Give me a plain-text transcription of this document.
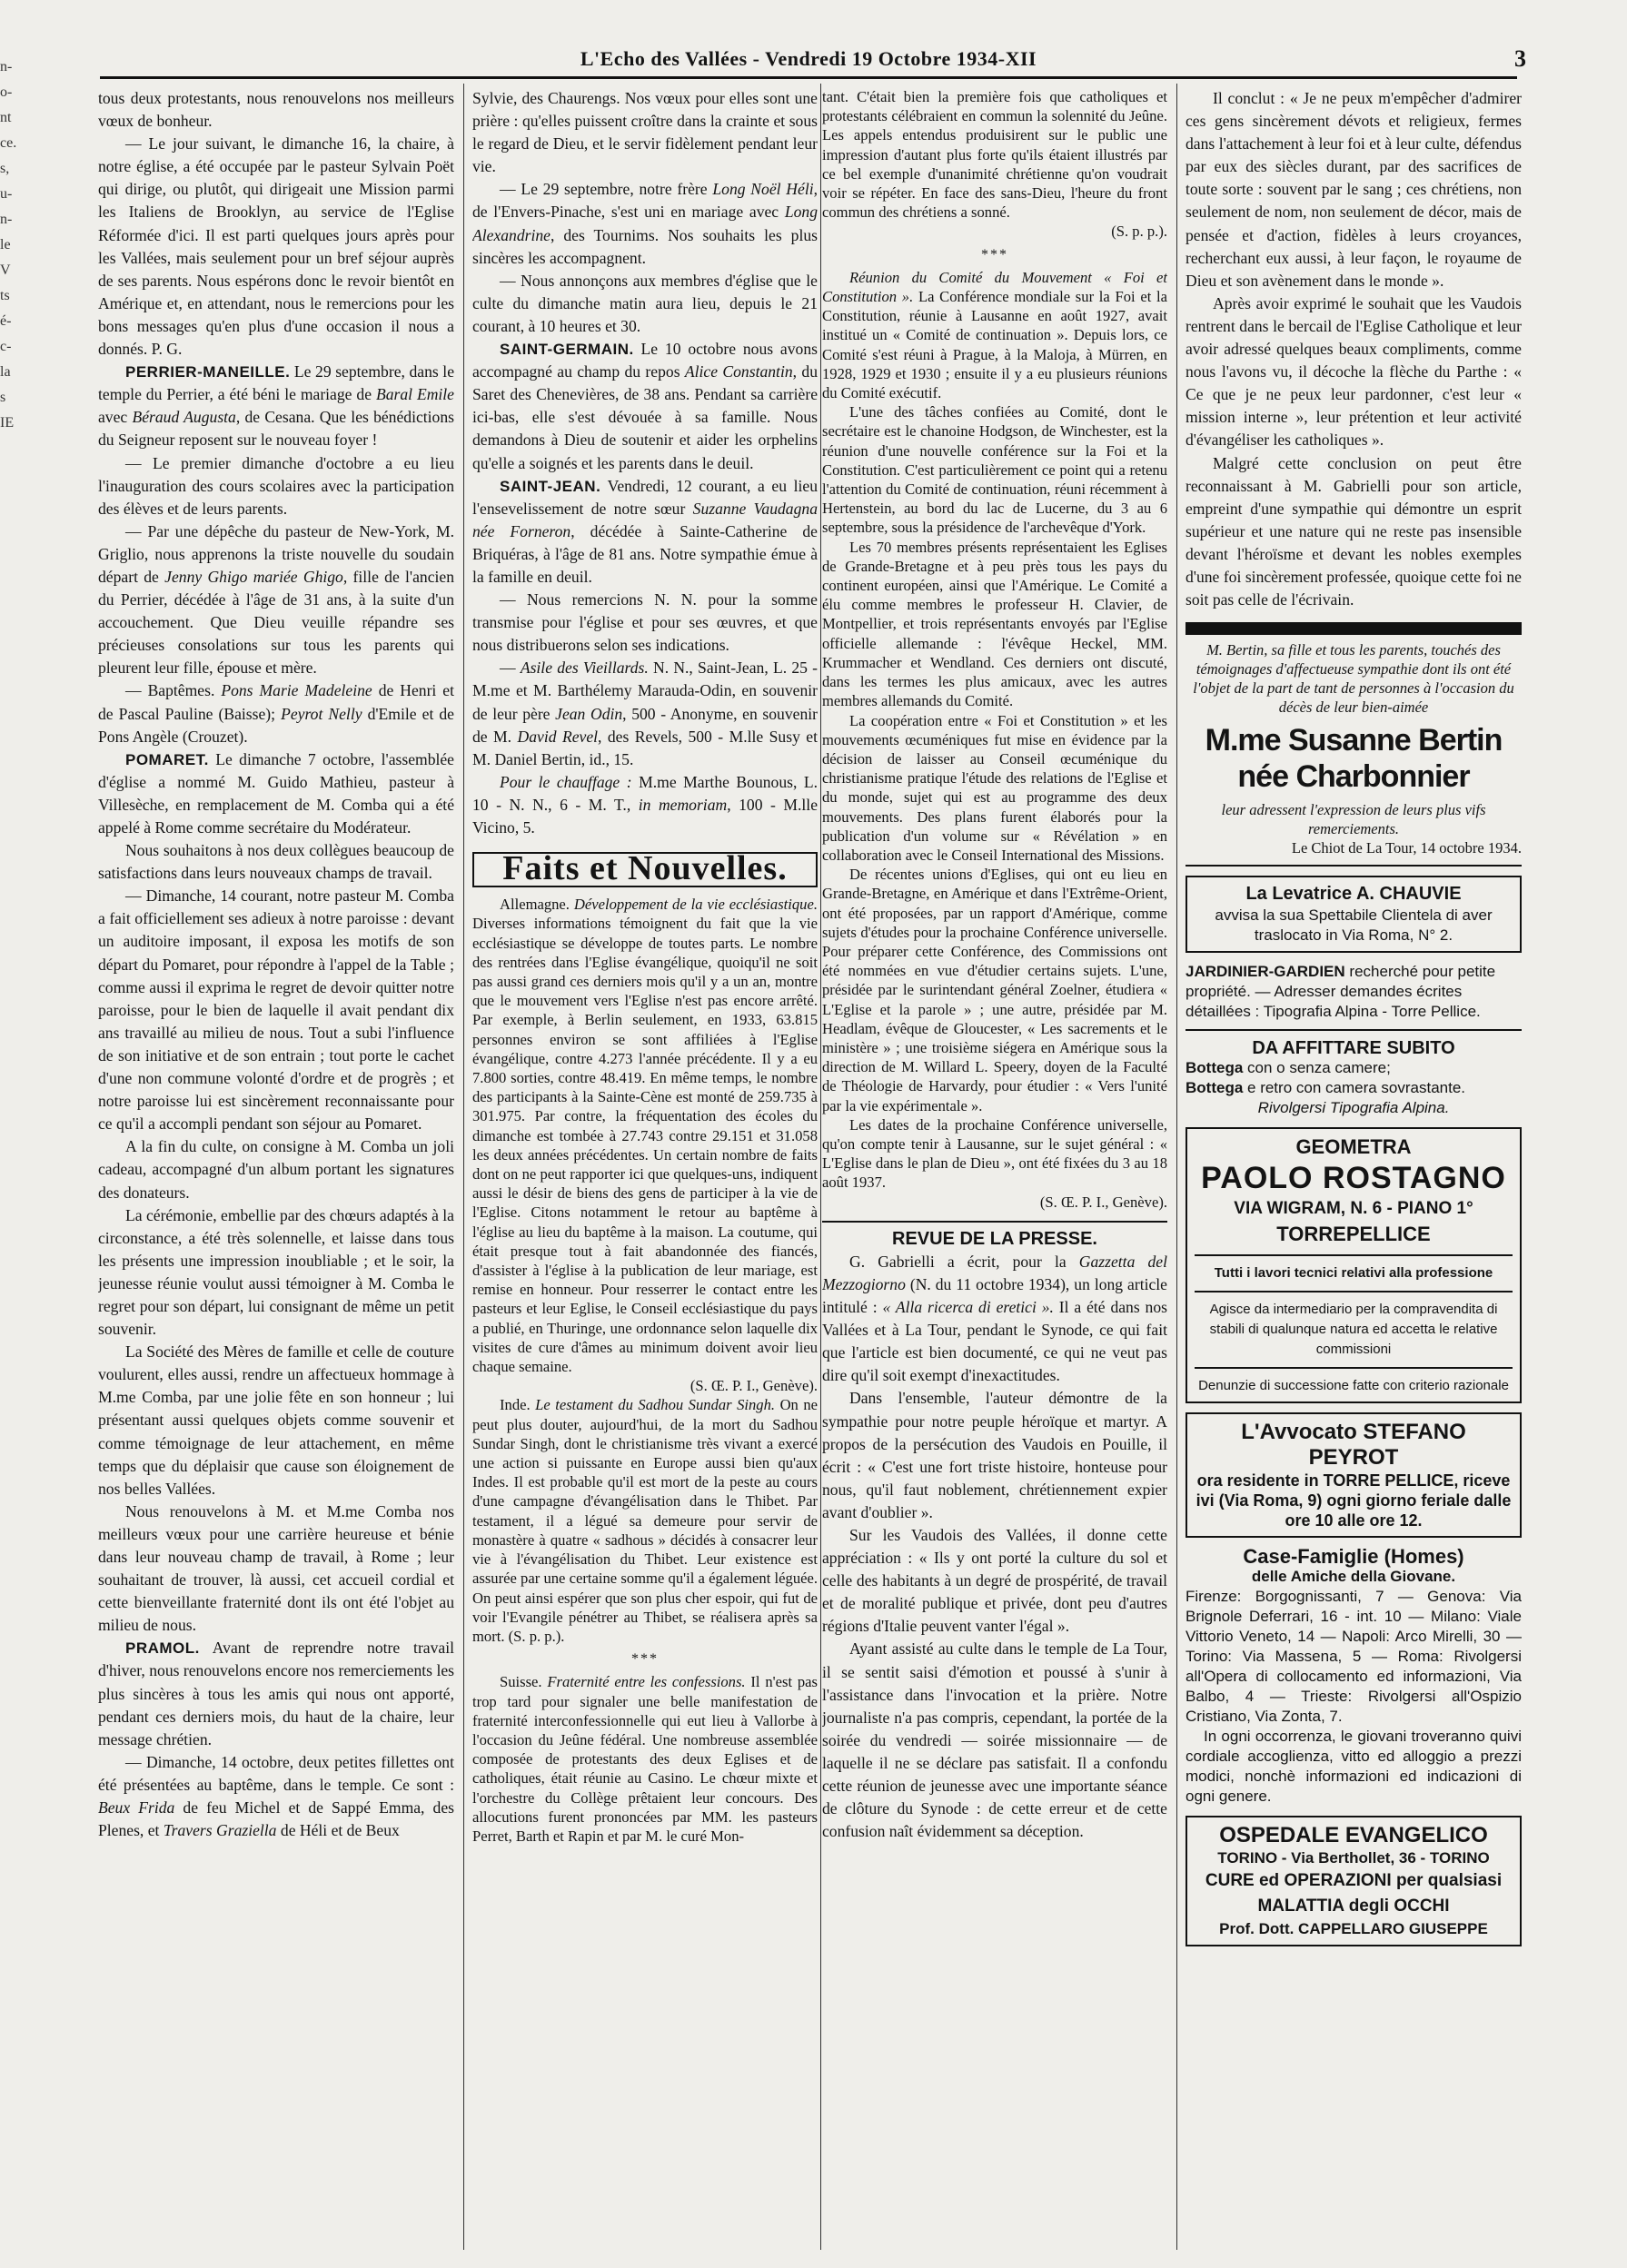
n-
o-
nt
ce.
s,
u-
n-
le
V
ts
é-
c-
la
s
IE
L'Echo des Vallées - Vendredi 19 Octobre 1934-XII	3

tous deux protestants, nous renouvelons nos meilleurs vœux de bonheur.

— Le jour suivant, le dimanche 16, la chaire, à notre église, a été occupée par le pasteur Sylvain Poët qui dirige, ou plutôt, qui dirigeait une Mission parmi les Italiens de Brooklyn, au service de l'Eglise Réformée d'ici. Il est parti quelques jours après pour les Vallées, mais seulement pour un bref séjour auprès de ses parents. Nous espérons donc le revoir bientôt en Amérique et, en attendant, nous le remercions pour les bons messages qu'en plus d'une occasion il nous a donnés. P. G.

PERRIER-MANEILLE. Le 29 septembre, dans le temple du Perrier, a été béni le mariage de Baral Emile avec Béraud Augusta, de Cesana. Que les bénédictions du Seigneur reposent sur le nouveau foyer !

— Le premier dimanche d'octobre a eu lieu l'inauguration des cours scolaires avec la participation des élèves et de leurs parents.

— Par une dépêche du pasteur de New-York, M. Griglio, nous apprenons la triste nouvelle du soudain départ de Jenny Ghigo mariée Ghigo, fille de l'ancien du Perrier, décédée à l'âge de 31 ans, à la suite d'un accouchement. Que Dieu veuille répandre ses précieuses consolations sur tous les parents qui pleurent leur fille, épouse et mère.

— Baptêmes. Pons Marie Madeleine de Henri et de Pascal Pauline (Baisse); Peyrot Nelly d'Emile et de Pons Angèle (Crouzet).

POMARET. Le dimanche 7 octobre, l'assemblée d'église a nommé M. Guido Mathieu, pasteur à Villesèche, en remplacement de M. Comba qui a été appelé à Rome comme secrétaire du Modérateur.

Nous souhaitons à nos deux collègues beaucoup de satisfactions dans leurs nouveaux champs de travail.

— Dimanche, 14 courant, notre pasteur M. Comba a fait officiellement ses adieux à notre paroisse : devant un auditoire imposant, il exposa les motifs de son départ du Pomaret, pour répondre à l'appel de la Table ; comme aussi il exprima le regret de devoir quitter notre paroisse, pour le bien de laquelle il avait pendant dix ans travaillé au milieu de nous. Tout a subi l'influence de son initiative et de son entrain ; tout porte le cachet d'une non commune volonté d'ordre et de progrès ; et notre paroisse lui est sincèrement reconnaissante pour ce qu'il a accompli pendant son séjour au Pomaret.

A la fin du culte, on consigne à M. Comba un joli cadeau, accompagné d'un album portant les signatures des donateurs.

La cérémonie, embellie par des chœurs adaptés à la circonstance, a été très solennelle, et laisse dans tous les présents une impression inoubliable ; et le soir, la jeunesse réunie voulut aussi témoigner à M. Comba le regret pour son départ, lui consignant de même un petit souvenir.

La Société des Mères de famille et celle de couture voulurent, elles aussi, rendre un affectueux hommage à M.me Comba, par une jolie fête en son honneur ; lui présentant aussi quelques objets comme souvenir et comme témoignage de leur attachement, en même temps que du déplaisir que cause son éloignement de nos belles Vallées.

Nous renouvelons à M. et M.me Comba nos meilleurs vœux pour une carrière heureuse et bénie dans leur nouveau champ de travail, à Rome ; leur souhaitant de trouver, là aussi, cet accueil cordial et cette bienveillante fraternité dont ils ont été l'objet au milieu de nous.

PRAMOL. Avant de reprendre notre travail d'hiver, nous renouvelons encore nos remerciements les plus sincères à tous les amis qui nous ont apporté, pendant ces derniers mois, du haut de la chaire, leur message chrétien.

— Dimanche, 14 octobre, deux petites fillettes ont été présentées au baptême, dans le temple. Ce sont : Beux Frida de feu Michel et de Sappé Emma, des Plenes, et Travers Graziella de Héli et de Beux

Sylvie, des Chaurengs. Nos vœux pour elles sont une prière : qu'elles puissent croître dans la crainte et sous le regard de Dieu, et le servir fidèlement pendant leur vie.

— Le 29 septembre, notre frère Long Noël Héli, de l'Envers-Pinache, s'est uni en mariage avec Long Alexandrine, des Tournims. Nos souhaits les plus sincères les accompagnent.

— Nous annonçons aux membres d'église que le culte du dimanche matin aura lieu, depuis le 21 courant, à 10 heures et 30.

SAINT-GERMAIN. Le 10 octobre nous avons accompagné au champ du repos Alice Constantin, du Saret des Chenevières, de 38 ans. Pendant sa carrière ici-bas, elle s'est dévouée à sa famille. Nous demandons à Dieu de soutenir et aider les orphelins qu'elle a soignés et les parents dans le deuil.

SAINT-JEAN. Vendredi, 12 courant, a eu lieu l'ensevelissement de notre sœur Suzanne Vaudagna née Forneron, décédée à Sainte-Catherine de Briquéras, à l'âge de 81 ans. Notre sympathie émue à la famille en deuil.

— Nous remercions N. N. pour la somme transmise pour l'église et pour ses œuvres, et que nous distribuerons selon ses indications.

— Asile des Vieillards. N. N., Saint-Jean, L. 25 - M.me et M. Barthélemy Marauda-Odin, en souvenir de leur père Jean Odin, 500 - Anonyme, en souvenir de M. David Revel, des Revels, 500 - M.lle Susy et M. Daniel Bertin, id., 15.

Pour le chauffage : M.me Marthe Bounous, L. 10 - N. N., 6 - M. T., in memoriam, 100 - M.lle Vicino, 5.

Faits et Nouvelles.

Allemagne. Développement de la vie ecclésiastique. Diverses informations témoignent du fait que la vie ecclésiastique se développe de toutes parts. Le nombre des rentrées dans l'Eglise évangélique, quoiqu'il ne soit pas aussi grand ces derniers mois qu'il y a un an, montre que le mouvement vers l'Eglise n'est pas encore arrêté. Par exemple, à Berlin seulement, en 1933, 63.815 personnes environ se sont affiliées à l'Eglise évangélique, contre 4.273 l'année précédente. Il y a eu 7.800 sorties, contre 48.419. En même temps, le nombre des participants à la Sainte-Cène est monté de 259.735 à 301.975. Par contre, la fréquentation des écoles du dimanche est tombée à 27.743 contre 29.151 et 31.058 les deux années précédentes. Un certain nombre de faits dont on ne peut rapporter ici que quelques-uns, indiquent aussi le désir de biens des gens de participer à la vie de l'Eglise. Citons notamment le retour au baptême à l'église au lieu du baptême à la maison. La coutume, qui était presque tout à fait abandonnée des fiancés, d'assister à l'église à la publication de leur mariage, est remise en honneur. Pour resserrer le contact entre les pasteurs et leur Eglise, le Conseil ecclésiastique du pays a publié, en Thuringe, une ordonnance selon laquelle dix visites de cure d'âmes au minimum doivent avoir lieu chaque semaine.

(S. Œ. P. I., Genève).

Inde. Le testament du Sadhou Sundar Singh. On ne peut plus douter, aujourd'hui, de la mort du Sadhou Sundar Singh, dont le christianisme très vivant a exercé une action si puissante en Europe aussi bien qu'aux Indes. Il est probable qu'il est mort de la peste au cours d'une campagne d'évangélisation dans le Thibet. Par testament, il a légué sa demeure pour servir de monastère à quatre « sadhous » décidés à consacrer leur vie à l'évangélisation du Thibet. Leur existence est assurée par une certaine somme qu'il a également léguée. On peut ainsi espérer que son plus cher espoir, qui fut de voir l'Evangile pénétrer au Thibet, se réalisera après sa mort. (S. p. p.).

***

Suisse. Fraternité entre les confessions. Il n'est pas trop tard pour signaler une belle manifestation de fraternité interconfessionnelle qui eut lieu à Vallorbe à l'occasion du Jeûne fédéral. Une nombreuse assemblée composée de protestants des deux Eglises et de catholiques, était réunie au Casino. Le chœur mixte et l'orchestre du Collège prêtaient leur concours. Des allocutions furent prononcées par MM. les pasteurs Perret, Barth et Rapin et par M. le curé Mon-

tant. C'était bien la première fois que catholiques et protestants célébraient en commun la solennité du Jeûne. Les appels entendus produisirent sur le public une impression d'autant plus forte qu'ils étaient illustrés par ce bel exemple d'unanimité chrétienne qu'on voudrait voir se répéter. En face des sans-Dieu, l'heure du front commun des chrétiens a sonné.

(S. p. p.).

***

Réunion du Comité du Mouvement « Foi et Constitution ». La Conférence mondiale sur la Foi et la Constitution, réunie à Lausanne en août 1927, avait institué un « Comité de continuation ». Depuis lors, ce Comité s'est réuni à Prague, à la Maloja, à Mürren, en 1928, 1929 et 1930 ; ensuite il y a eu plusieurs réunions du Comité exécutif.

L'une des tâches confiées au Comité, dont le secrétaire est le chanoine Hodgson, de Winchester, est la réunion d'une nouvelle conférence sur la Foi et la Constitution. C'est particulièrement ce point qui a retenu l'attention du Comité de continuation, réuni récemment à Hertenstein, au bord du lac de Lucerne, du 3 au 6 septembre, sous la présidence de l'archevêque d'York.

Les 70 membres présents représentaient les Eglises de Grande-Bretagne et à peu près tous les pays du continent européen, ainsi que l'Amérique. Le Comité a élu comme membres le professeur H. Clavier, de Montpellier, et trois représentants envoyés par l'Eglise officielle allemande : l'évêque Heckel, MM. Krummacher et Wendland. Ces derniers ont discuté, dans les termes les plus amicaux, avec les autres membres allemands du Comité.

La coopération entre « Foi et Constitution » et les mouvements œcuméniques fut mise en évidence par la décision de laisser au Conseil œcuménique du christianisme pratique l'étude des relations de l'Eglise et du monde, sujet qui est au programme des deux mouvements. Des plans furent élaborés pour la publication d'un volume sur « Révélation » en collaboration avec le Conseil International des Missions.

De récentes unions d'Eglises, qui ont eu lieu en Grande-Bretagne, en Amérique et dans l'Extrême-Orient, ont été proposées, par un rapport d'Amérique, comme sujets d'études pour la prochaine Conférence universelle. Pour préparer cette Conférence, des Commissions ont été nommées en vue d'étudier certains sujets. L'une, présidée par le surintendant général Zoelner, étudiera « L'Eglise et la parole » ; une autre, présidée par M. Headlam, évêque de Gloucester, « Les sacrements et le ministère » ; une troisième siégera en Amérique sous la direction de M. Willard L. Speery, doyen de la Faculté de Théologie de Harvardy, pour étudier : « Vers l'unité par la vie expérimentale ».

Les dates de la prochaine Conférence universelle, qu'on compte tenir à Lausanne, sur le sujet général : « L'Eglise dans le plan de Dieu », ont été fixées du 3 au 18 août 1937.

(S. Œ. P. I., Genève).

REVUE DE LA PRESSE.

G. Gabrielli a écrit, pour la Gazzetta del Mezzogiorno (N. du 11 octobre 1934), un long article intitulé : « Alla ricerca di eretici ». Il a été dans nos Vallées et à La Tour, pendant le Synode, ce qui fait que l'article est bien documenté, ce qui ne veut pas dire qu'il soit exempt d'inexactitudes.

Dans l'ensemble, l'auteur démontre de la sympathie pour notre peuple héroïque et martyr. A propos de la persécution des Vaudois en Pouille, il écrit : « C'est une fort triste histoire, honteuse pour nous, qu'il faut noblement, chrétiennement expier avant d'oublier ».

Sur les Vaudois des Vallées, il donne cette appréciation : « Ils y ont porté la culture du sol et celle des habitants à un degré de prospérité, de travail et de moralité publique et privée, dont peu d'autres régions d'Italie peuvent vanter l'égal ».

Ayant assisté au culte dans le temple de La Tour, il se sentit saisi d'émotion et poussé à s'unir à l'assistance dans l'invocation et la prière. Notre journaliste n'a pas compris, cependant, la portée de la soirée du vendredi — soirée missionnaire — de laquelle il ne se déclare pas satisfait. Il a confondu cette réunion de jeunesse avec une importante séance de clôture du Synode : de cette erreur et de cette confusion naît évidemment sa déception.

Il conclut : « Je ne peux m'empêcher d'admirer ces gens sincèrement dévots et religieux, fermes dans l'attachement à leur foi et à leur culte, défendus par eux des siècles durant, par des sacrifices de toute sorte : souvent par le sang ; ces chrétiens, non seulement de nom, non seulement de décor, mais de pensée et d'action, fidèles à leurs croyances, recherchant eux aussi, à leur façon, le royaume de Dieu et son avènement dans le monde ».

Après avoir exprimé le souhait que les Vaudois rentrent dans le bercail de l'Eglise Catholique et leur avoir adressé quelques beaux compliments, comme nous l'avons vu, il décoche la flèche du Parthe : « Ce que je ne peux leur pardonner, c'est leur « mission interne », leur prétention et leur activité d'évangéliser les catholiques ».

Malgré cette conclusion on peut être reconnaissant à M. Gabrielli pour son article, empreint d'une sympathie qui démontre un esprit supérieur et une nature qui ne reste pas insensible devant l'héroïsme et devant les nobles exemples d'une foi sincèrement professée, quoique cette foi ne soit pas celle de l'écrivain.

M. Bertin, sa fille et tous les parents, touchés des témoignages d'affectueuse sympathie dont ils ont été l'objet de la part de tant de personnes à l'occasion du décès de leur bien-aimée
M.me Susanne Bertin née Charbonnier
leur adressent l'expression de leurs plus vifs remerciements.
Le Chiot de La Tour, 14 octobre 1934.
La Levatrice A. CHAUVIE
avvisa la sua Spettabile Clientela di aver traslocato in Via Roma, N° 2.
JARDINIER-GARDIEN recherché pour petite propriété. — Adresser demandes écrites détaillées : Tipografia Alpina - Torre Pellice.
DA AFFITTARE SUBITO
Bottega con o senza camere;
Bottega e retro con camera sovrastante.
Rivolgersi Tipografia Alpina.
GEOMETRA
PAOLO ROSTAGNO
VIA WIGRAM, N. 6 - PIANO 1°
TORREPELLICE
Tutti i lavori tecnici relativi alla professione
Agisce da intermediario per la compravendita di stabili di qualunque natura ed accetta le relative commissioni
Denunzie di successione fatte con criterio razionale
L'Avvocato STEFANO PEYROT
ora residente in TORRE PELLICE, riceve ivi (Via Roma, 9) ogni giorno feriale dalle ore 10 alle ore 12.
Case-Famiglie (Homes)
delle Amiche della Giovane.
Firenze: Borgognissanti, 7 — Genova: Via Brignole Deferrari, 16 - int. 10 — Milano: Viale Vittorio Veneto, 14 — Napoli: Arco Mirelli, 30 — Torino: Via Massena, 5 — Roma: Rivolgersi all'Opera di collocamento ed informazioni, Via Balbo, 4 — Trieste: Rivolgersi all'Ospizio Cristiano, Via Zonta, 7.
In ogni occorrenza, le giovani troveranno quivi cordiale accoglienza, vitto ed alloggio a prezzi modici, nonchè informazioni ed indicazioni di ogni genere.
OSPEDALE EVANGELICO
TORINO - Via Berthollet, 36 - TORINO
CURE ed OPERAZIONI per qualsiasi MALATTIA degli OCCHI
Prof. Dott. CAPPELLARO GIUSEPPE
